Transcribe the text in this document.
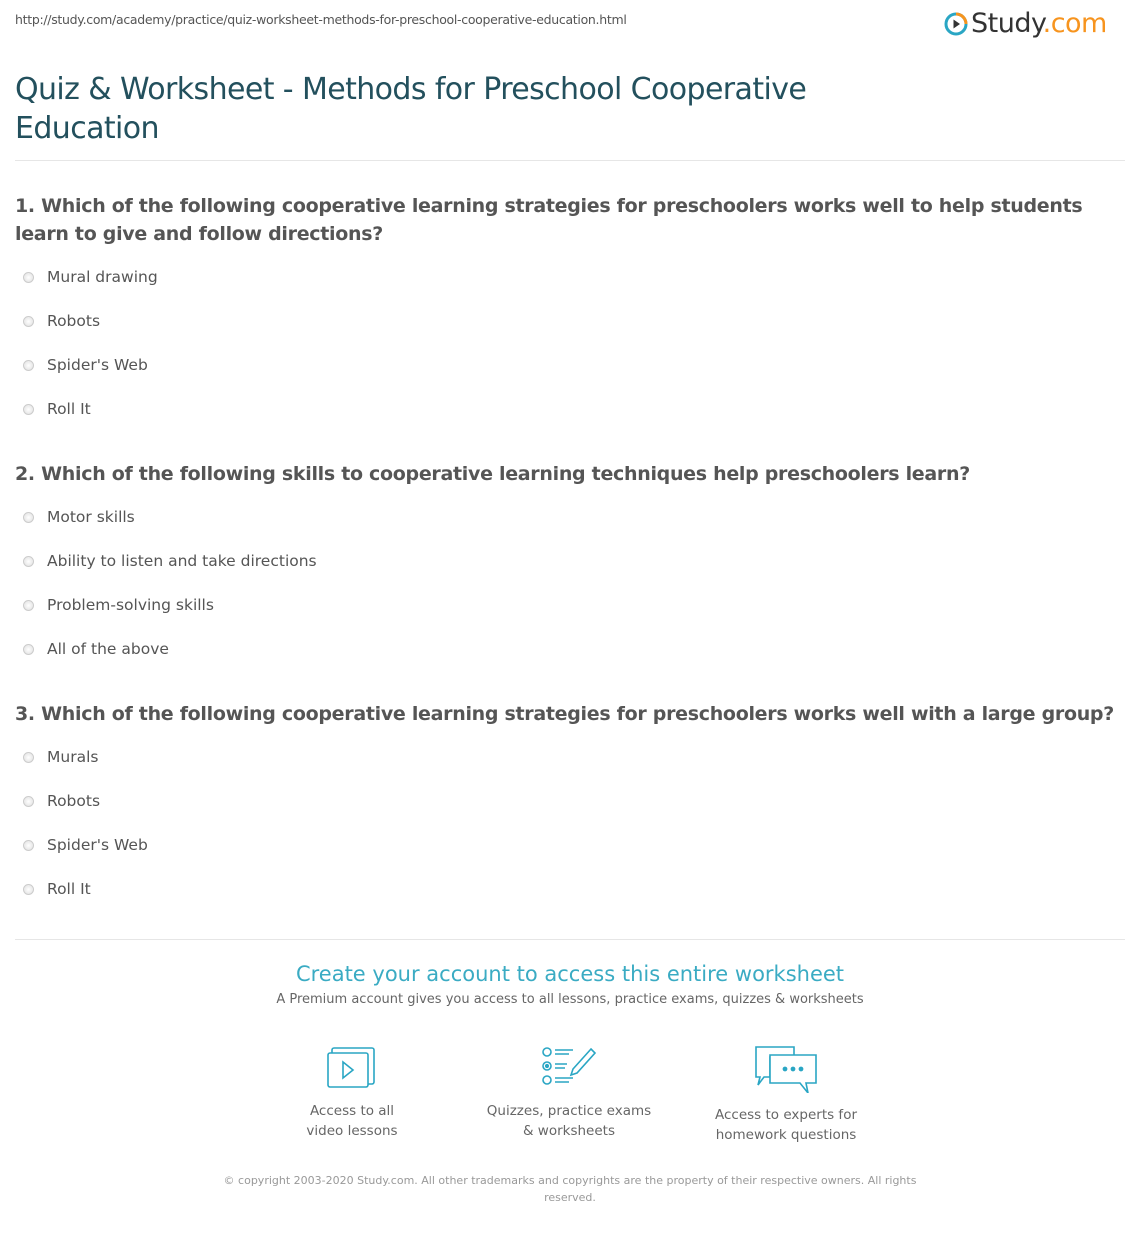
http://study.com/academy/practice/quiz-worksheet-methods-for-preschool-cooperative-education.html	Study.com
Quiz & Worksheet - Methods for Preschool Cooperative Education

1. Which of the following cooperative learning strategies for preschoolers works well to help students learn to give and follow directions?

Mural drawing
Robots
Spider's Web
Roll It

2. Which of the following skills to cooperative learning techniques help preschoolers learn?

Motor skills
Ability to listen and take directions
Problem-solving skills
All of the above

3. Which of the following cooperative learning strategies for preschoolers works well with a large group?

Murals
Robots
Spider's Web
Roll It
Create your account to access this entire worksheet
A Premium account gives you access to all lessons, practice exams, quizzes & worksheets
Access to all
video lessons
Quizzes, practice exams
& worksheets
Access to experts for
homework questions
© copyright 2003-2020 Study.com. All other trademarks and copyrights are the property of their respective owners. All rights reserved.
